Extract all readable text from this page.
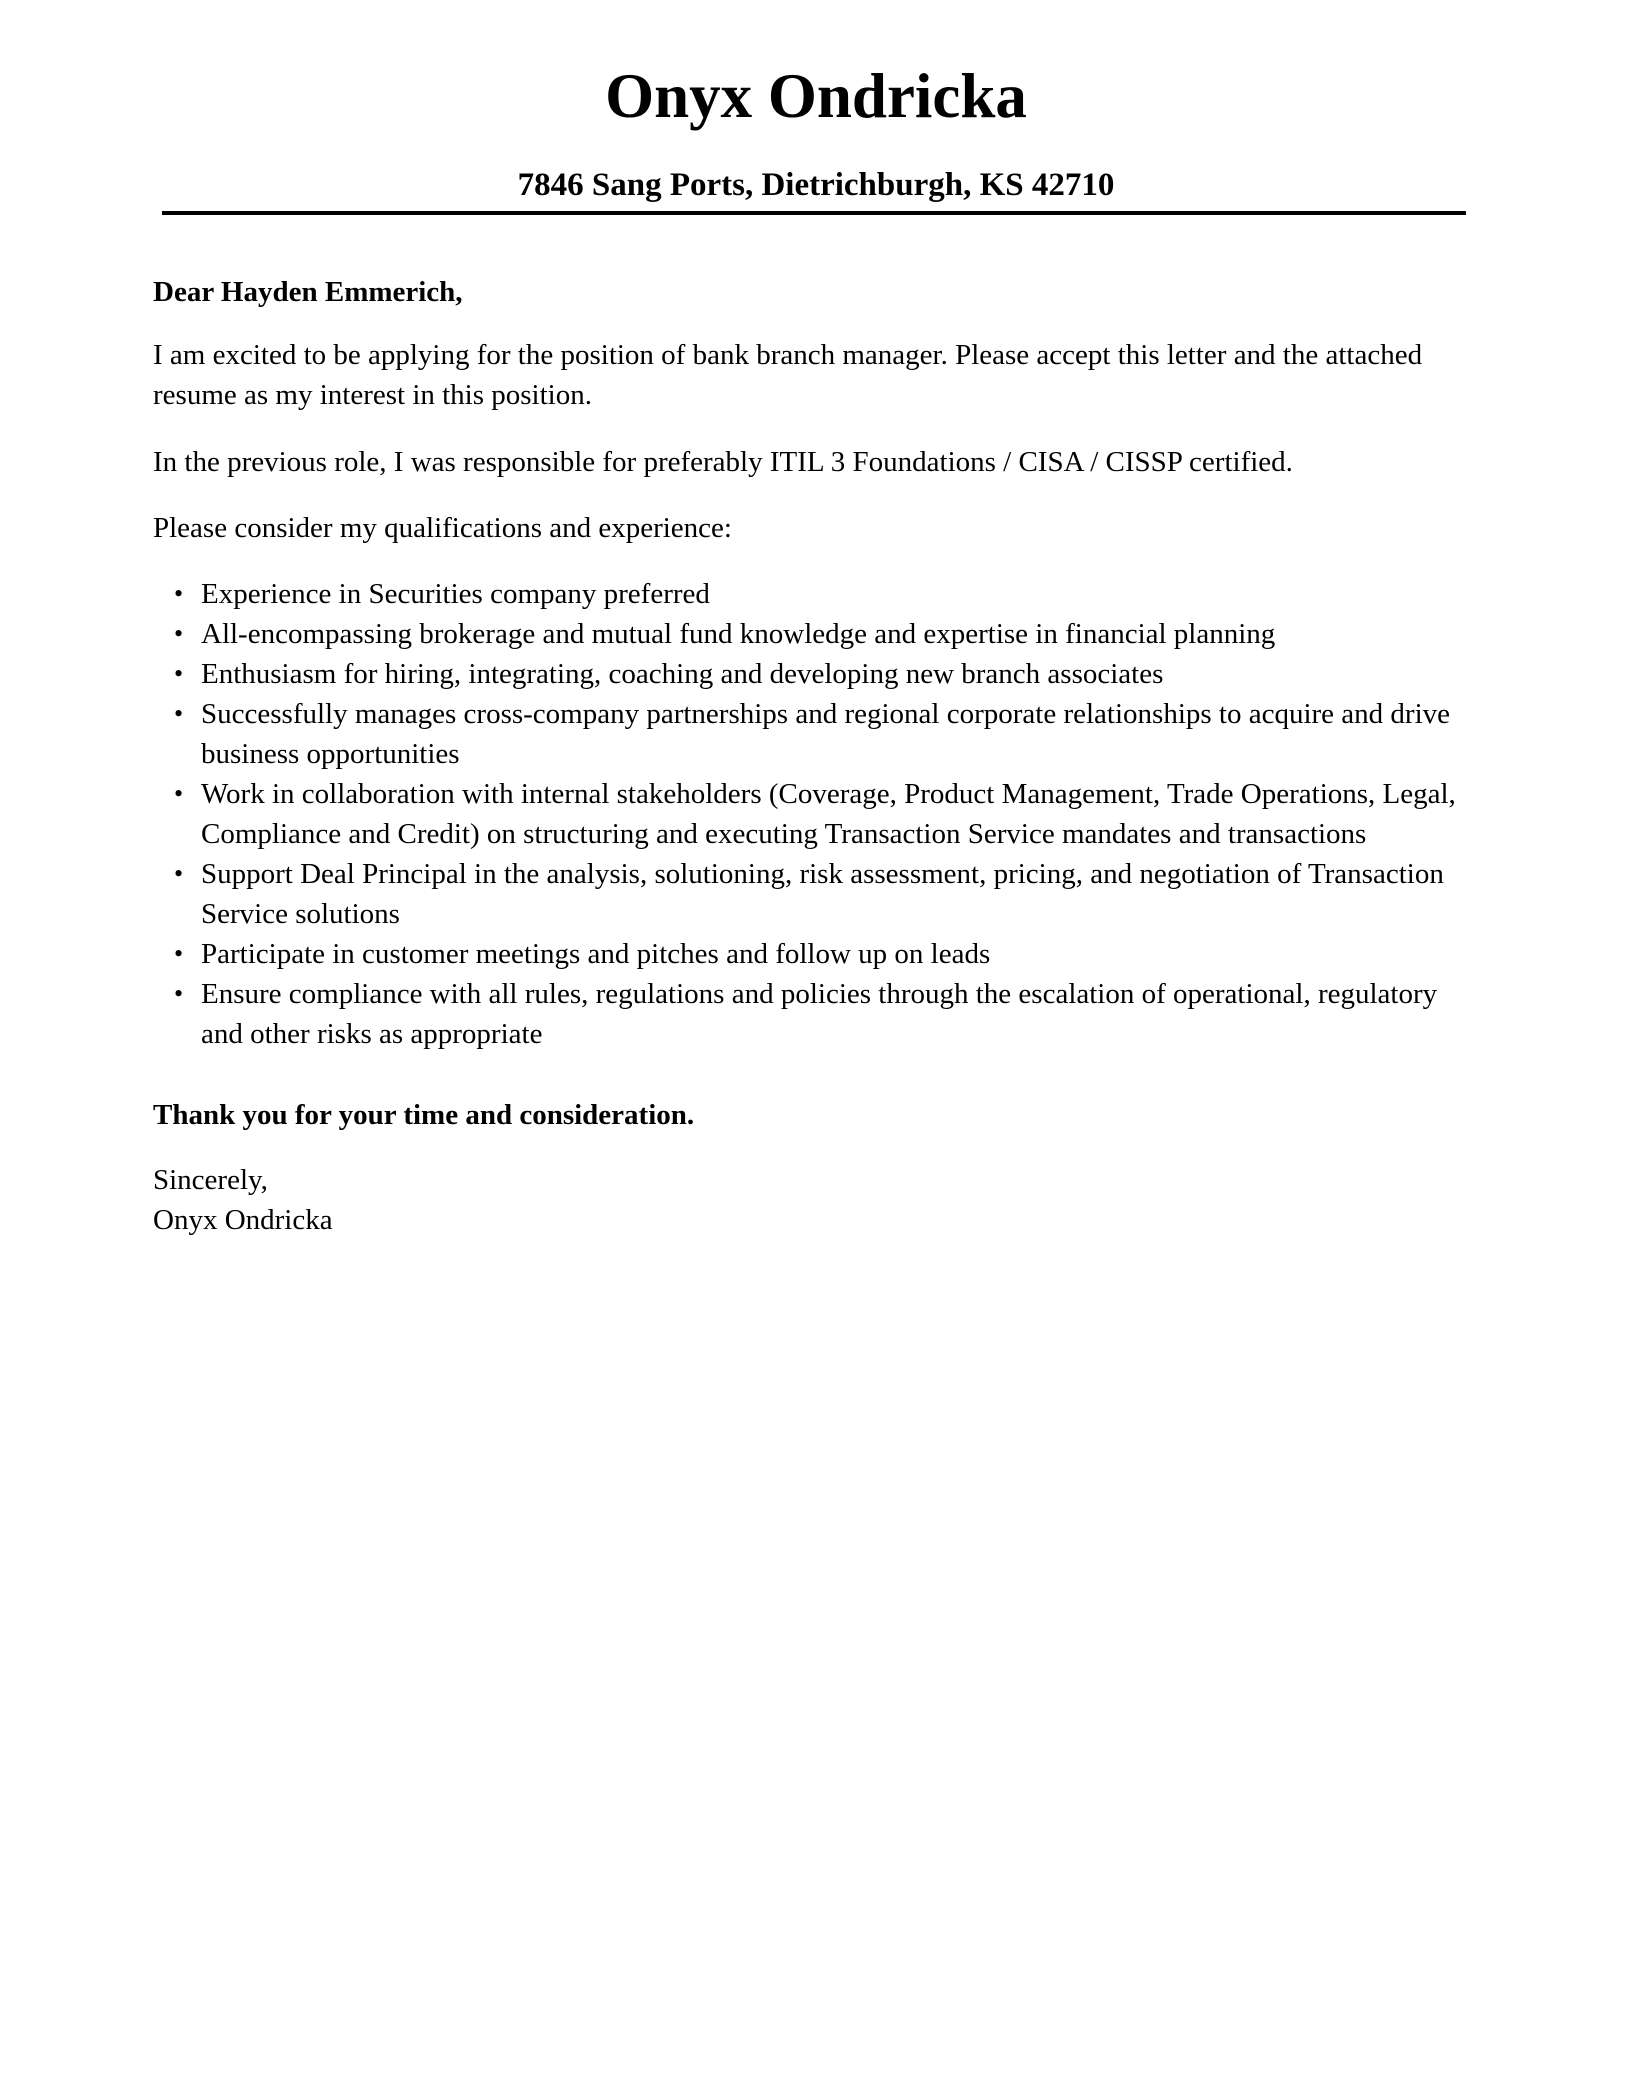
Onyx Ondricka
7846 Sang Ports, Dietrichburgh, KS 42710

Dear Hayden Emmerich,

I am excited to be applying for the position of bank branch manager. Please accept this letter and the attached resume as my interest in this position.

In the previous role, I was responsible for preferably ITIL 3 Foundations / CISA / CISSP certified.

Please consider my qualifications and experience:

• Experience in Securities company preferred
• All-encompassing brokerage and mutual fund knowledge and expertise in financial planning
• Enthusiasm for hiring, integrating, coaching and developing new branch associates
• Successfully manages cross-company partnerships and regional corporate relationships to acquire and drive business opportunities
• Work in collaboration with internal stakeholders (Coverage, Product Management, Trade Operations, Legal, Compliance and Credit) on structuring and executing Transaction Service mandates and transactions
• Support Deal Principal in the analysis, solutioning, risk assessment, pricing, and negotiation of Transaction Service solutions
• Participate in customer meetings and pitches and follow up on leads
• Ensure compliance with all rules, regulations and policies through the escalation of operational, regulatory and other risks as appropriate

Thank you for your time and consideration.

Sincerely,

Onyx Ondricka
